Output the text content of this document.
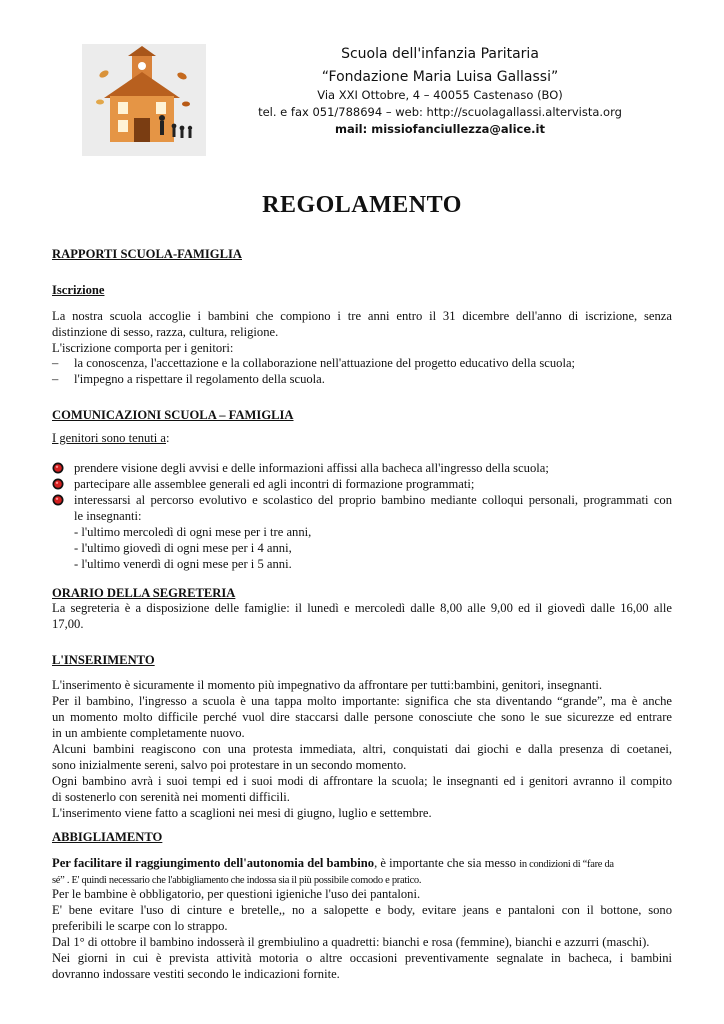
Scuola dell'infanzia Paritaria
“Fondazione Maria Luisa Gallassi”
Via XXI Ottobre, 4 – 40055 Castenaso (BO)
tel. e fax 051/788694 – web: http://scuolagallassi.altervista.org
mail: missiofanciullezza@alice.it
REGOLAMENTO
RAPPORTI SCUOLA-FAMIGLIA
Iscrizione
La nostra scuola accoglie i bambini che compiono i tre anni entro il 31 dicembre dell'anno di iscrizione, senza
distinzione di sesso, razza, cultura, religione.
L'iscrizione comporta per i genitori:
– la conoscenza, l'accettazione e la collaborazione nell'attuazione del progetto educativo della scuola;
– l'impegno a rispettare il regolamento della scuola.
COMUNICAZIONI SCUOLA – FAMIGLIA
I genitori sono tenuti a:
prendere visione degli avvisi e delle informazioni affissi alla bacheca all'ingresso della scuola;
partecipare alle assemblee generali ed agli incontri di formazione programmati;
interessarsi al percorso evolutivo e scolastico del proprio bambino mediante colloqui personali, programmati con
le insegnanti:
- l'ultimo mercoledì di ogni mese per i tre anni,
- l'ultimo giovedì di ogni mese per i 4 anni,
- l'ultimo venerdì di ogni mese per i 5 anni.
ORARIO DELLA SEGRETERIA
La segreteria è a disposizione delle famiglie: il lunedì e mercoledì dalle 8,00 alle 9,00 ed il giovedì dalle 16,00 alle
17,00.
L'INSERIMENTO
L'inserimento è sicuramente il momento più impegnativo da affrontare per tutti:bambini, genitori, insegnanti.
Per il bambino, l'ingresso a scuola è una tappa molto importante: significa che sta diventando “grande”, ma è anche
un momento molto difficile perché vuol dire staccarsi dalle persone conosciute che sono le sue sicurezze ed entrare
in un ambiente completamente nuovo.
Alcuni bambini reagiscono con una protesta immediata, altri, conquistati dai giochi e dalla presenza di coetanei,
sono inizialmente sereni, salvo poi protestare in un secondo momento.
Ogni bambino avrà i suoi tempi ed i suoi modi di affrontare la scuola; le insegnanti ed i genitori avranno il compito
di sostenerlo con serenità nei momenti difficili.
L'inserimento viene fatto a scaglioni nei mesi di giugno, luglio e settembre.
ABBIGLIAMENTO
Per facilitare il raggiungimento dell'autonomia del bambino, è importante che sia messo in condizioni di “fare da
sé” . E' quindi necessario che l'abbigliamento che indossa sia il più possibile comodo e pratico.
Per le bambine è obbligatorio, per questioni igieniche l'uso dei pantaloni.
E' bene evitare l'uso di cinture e bretelle,, no a salopette e body, evitare jeans e pantaloni con il bottone, sono
preferibili le scarpe con lo strappo.
Dal 1° di ottobre il bambino indosserà il grembiulino a quadretti: bianchi e rosa (femmine), bianchi e azzurri (maschi).
Nei giorni in cui è prevista attività motoria o altre occasioni preventivamente segnalate in bacheca, i bambini
dovranno indossare vestiti secondo le indicazioni fornite.
